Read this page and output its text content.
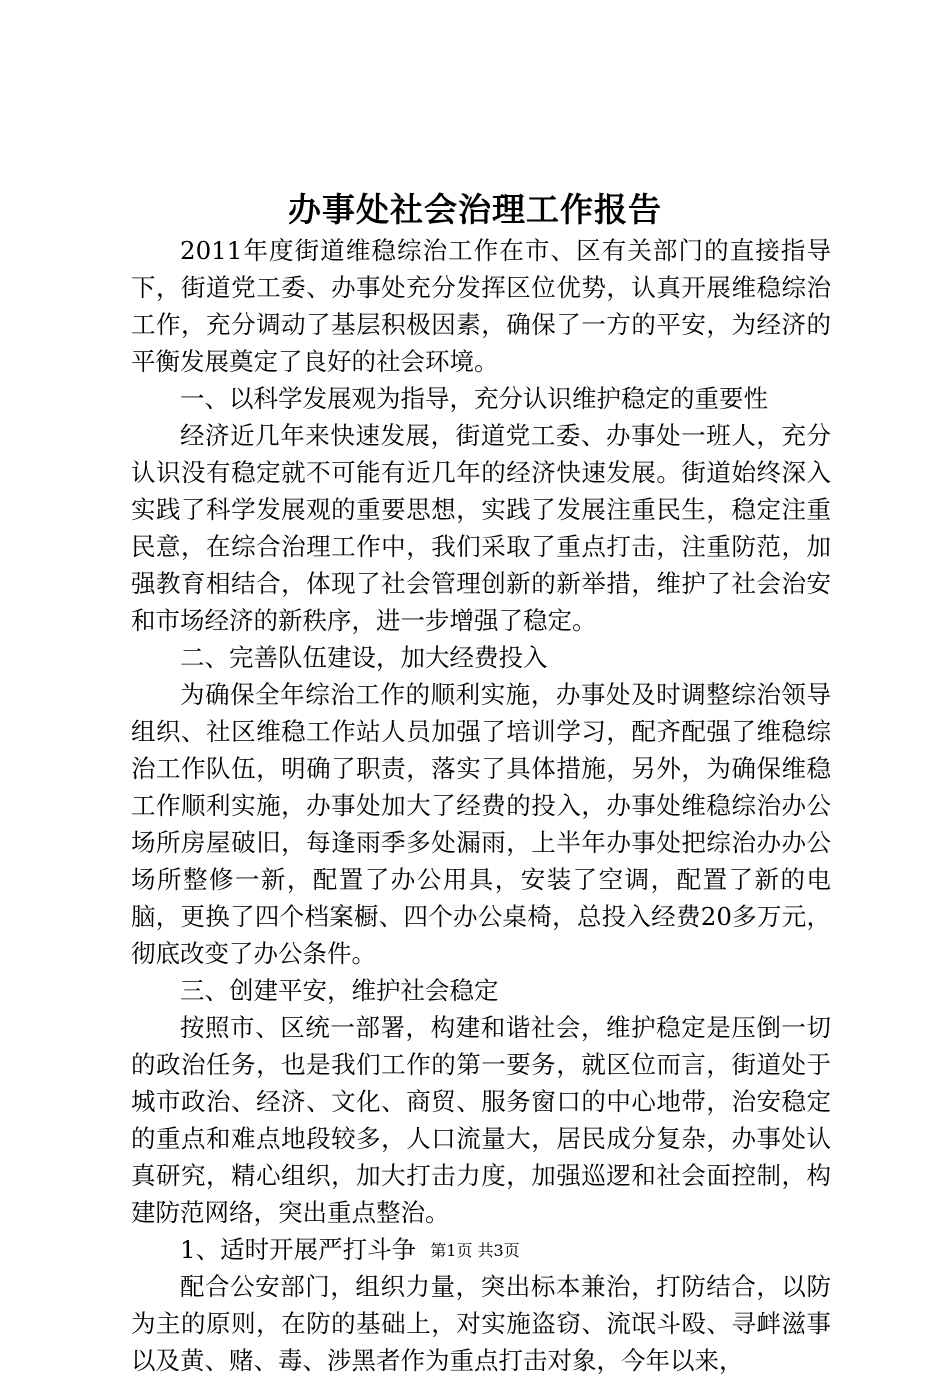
办事处社会治理工作报告

2011年度街道维稳综治工作在市、区有关部门的直接指导下，街道党工委、办事处充分发挥区位优势，认真开展维稳综治工作，充分调动了基层积极因素，确保了一方的平安，为经济的平衡发展奠定了良好的社会环境。

一、以科学发展观为指导，充分认识维护稳定的重要性

经济近几年来快速发展，街道党工委、办事处一班人，充分认识没有稳定就不可能有近几年的经济快速发展。街道始终深入实践了科学发展观的重要思想，实践了发展注重民生，稳定注重民意，在综合治理工作中，我们采取了重点打击，注重防范，加强教育相结合，体现了社会管理创新的新举措，维护了社会治安和市场经济的新秩序，进一步增强了稳定。

二、完善队伍建设，加大经费投入

为确保全年综治工作的顺利实施，办事处及时调整综治领导组织、社区维稳工作站人员加强了培训学习，配齐配强了维稳综治工作队伍，明确了职责，落实了具体措施，另外，为确保维稳工作顺利实施，办事处加大了经费的投入，办事处维稳综治办公场所房屋破旧，每逢雨季多处漏雨，上半年办事处把综治办办公场所整修一新，配置了办公用具，安装了空调，配置了新的电脑，更换了四个档案橱、四个办公桌椅，总投入经费20多万元，彻底改变了办公条件。

三、创建平安，维护社会稳定

按照市、区统一部署，构建和谐社会，维护稳定是压倒一切的政治任务，也是我们工作的第一要务，就区位而言，街道处于城市政治、经济、文化、商贸、服务窗口的中心地带，治安稳定的重点和难点地段较多，人口流量大，居民成分复杂，办事处认真研究，精心组织，加大打击力度，加强巡逻和社会面控制，构建防范网络，突出重点整治。

1、适时开展严打斗争

配合公安部门，组织力量，突出标本兼治，打防结合，以防为主的原则，在防的基础上，对实施盗窃、流氓斗殴、寻衅滋事以及黄、赌、毒、涉黑者作为重点打击对象，今年以来，

第1页 共3页
